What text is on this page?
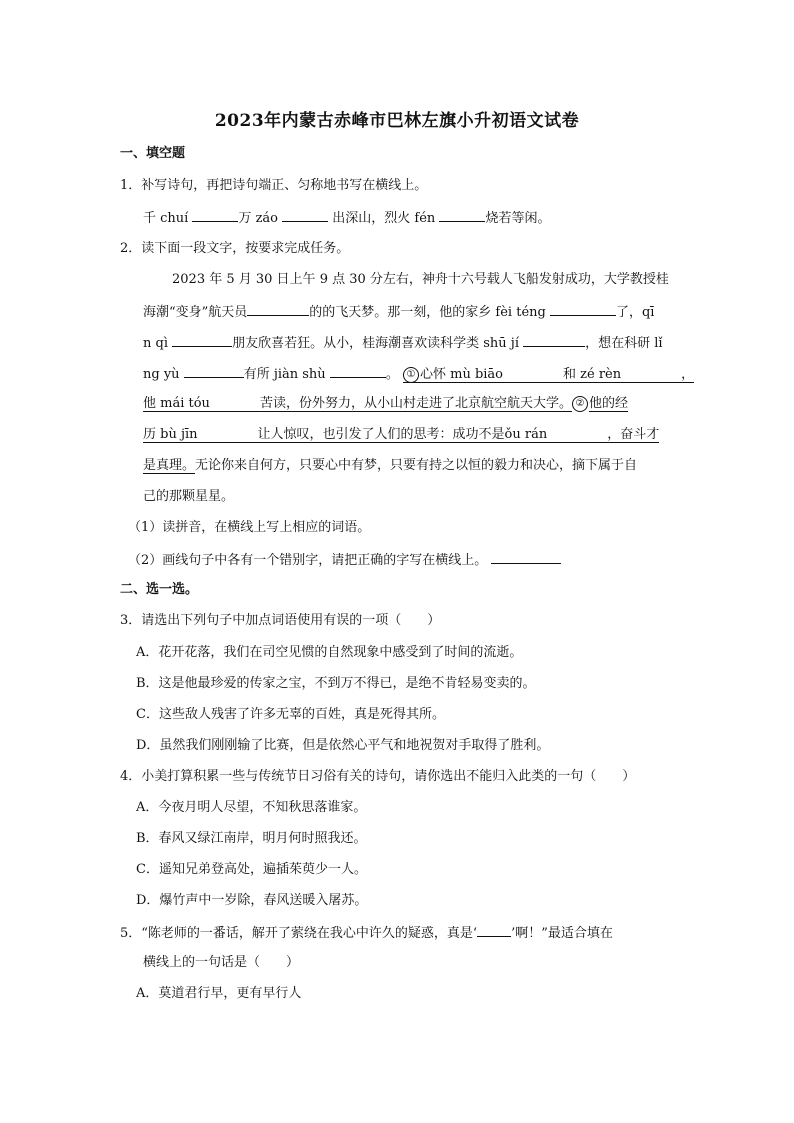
2023年内蒙古赤峰市巴林左旗小升初语文试卷
一、填空题
1．补写诗句，再把诗句端正、匀称地书写在横线上。
千 chuí	万 záo	出深山，烈火 fén	烧若等闲。
2．读下面一段文字，按要求完成任务。
2023 年 5 月 30 日上午 9 点 30 分左右，神舟十六号载人飞船发射成功，大学教授桂
海潮“变身”航天员	的的飞天梦。那一刻，他的家乡 fèi téng	了，qī
n qì	朋友欣喜若狂。从小，桂海潮喜欢读科学类 shū jí	，想在科研 lǐ
ng yù	有所 jiàn shù	。 ① 心怀 mù biāo	和 zé rèn	，
他 mái tóu	苦读，份外努力，从小山村走进了北京航空航天大学。 ② 他的经
历 bù jīn	让人惊叹，也引发了人们的思考：成功不是ǒu rán	，奋斗才
是真理。无论你来自何方，只要心中有梦，只要有持之以恒的毅力和决心，摘下属于自
己的那颗星星。
（1）读拼音，在横线上写上相应的词语。
（2）画线句子中各有一个错别字，请把正确的字写在横线上。
二、选一选。
3．请选出下列句子中加点词语使用有误的一项（　　）
A．花开花落，我们在司空见惯的自然现象中感受到了时间的流逝。
B．这是他最珍爱的传家之宝，不到万不得已，是绝不肯轻易变卖的。
C．这些敌人残害了许多无辜的百姓，真是死得其所。
D．虽然我们刚刚输了比赛，但是依然心平气和地祝贺对手取得了胜利。
4．小美打算积累一些与传统节日习俗有关的诗句，请你选出不能归入此类的一句（　　）
A．今夜月明人尽望，不知秋思落谁家。
B．春风又绿江南岸，明月何时照我还。
C．遥知兄弟登高处，遍插茱萸少一人。
D．爆竹声中一岁除，春风送暖入屠苏。
5．“陈老师的一番话，解开了萦绕在我心中许久的疑惑，真是‘	’啊！”最适合填在
横线上的一句话是（　　）
A．莫道君行早，更有早行人
